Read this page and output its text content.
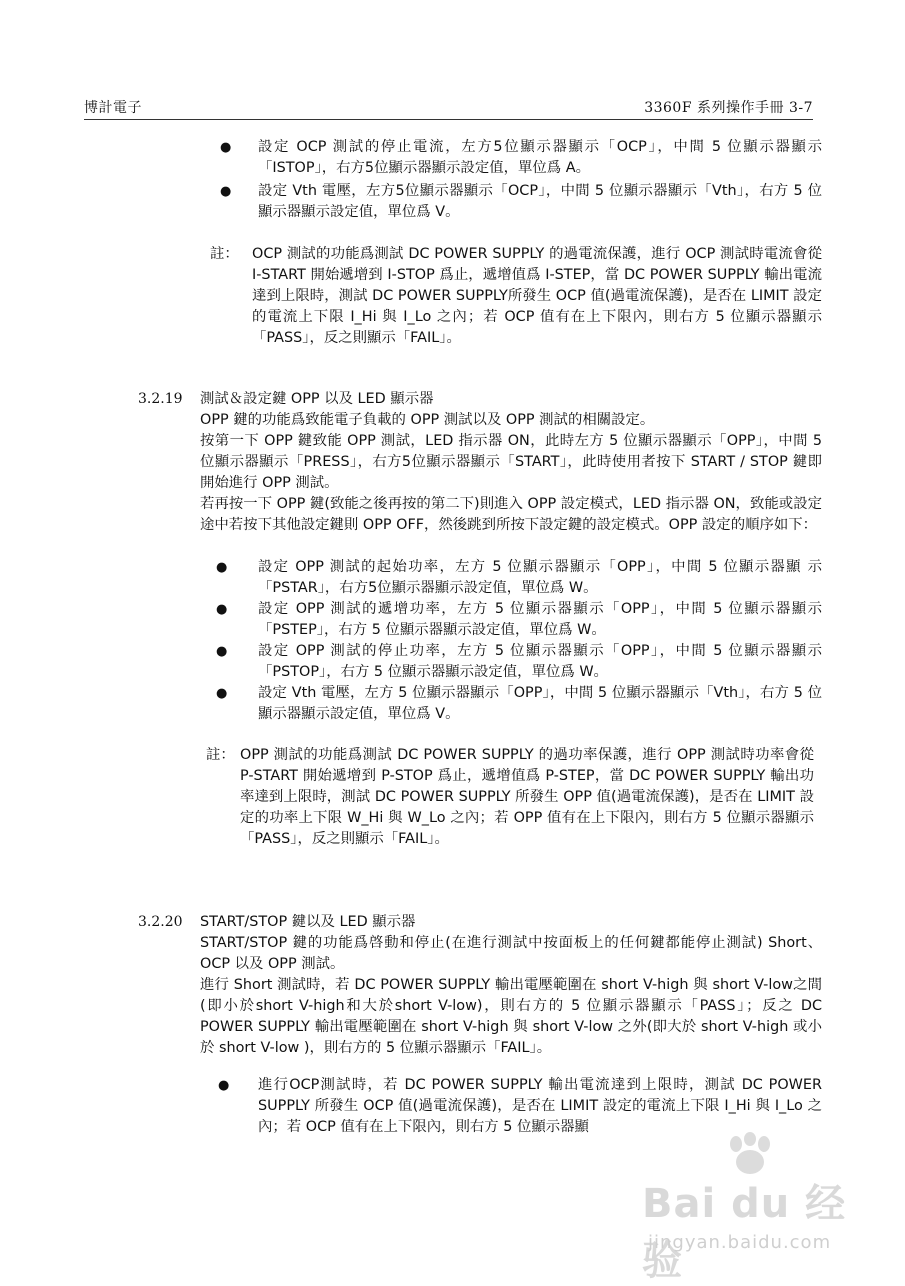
博計電子	3360F 系列操作手冊 3-7
● 設定 OCP 測試的停止電流，左方5位顯示器顯示「OCP」，中間 5 位顯示器顯示「ISTOP」，右方5位顯示器顯示設定值，單位爲 A。
● 設定 Vth 電壓，左方5位顯示器顯示「OCP」，中間 5 位顯示器顯示「Vth」，右方 5 位顯示器顯示設定值，單位爲 V。
註： OCP 測試的功能爲測試 DC POWER SUPPLY 的過電流保護，進行 OCP 測試時電流會從 I-START 開始遞增到 I-STOP 爲止，遞增值爲 I-STEP，當 DC POWER SUPPLY 輸出電流達到上限時，測試 DC POWER SUPPLY所發生 OCP 值(過電流保護)，是否在 LIMIT 設定的電流上下限 I_Hi 與 I_Lo 之內；若 OCP 值有在上下限內，則右方 5 位顯示器顯示「PASS」，反之則顯示「FAIL」。
3.2.19 測試＆設定鍵 OPP 以及 LED 顯示器
OPP 鍵的功能爲致能電子負載的 OPP 測試以及 OPP 測試的相關設定。
按第一下 OPP 鍵致能 OPP 測試，LED 指示器 ON，此時左方 5 位顯示器顯示「OPP」，中間 5 位顯示器顯示「PRESS」，右方5位顯示器顯示「START」，此時使用者按下 START / STOP 鍵即開始進行 OPP 測試。
若再按一下 OPP 鍵(致能之後再按的第二下)則進入 OPP 設定模式，LED 指示器 ON，致能或設定途中若按下其他設定鍵則 OPP OFF，然後跳到所按下設定鍵的設定模式。OPP 設定的順序如下：
● 設定 OPP 測試的起始功率，左方 5 位顯示器顯示「OPP」，中間 5 位顯示器顯 示「PSTAR」，右方5位顯示器顯示設定值，單位爲 W。
● 設定 OPP 測試的遞增功率，左方 5 位顯示器顯示「OPP」，中間 5 位顯示器顯示「PSTEP」，右方 5 位顯示器顯示設定值，單位爲 W。
● 設定 OPP 測試的停止功率，左方 5 位顯示器顯示「OPP」，中間 5 位顯示器顯示「PSTOP」，右方 5 位顯示器顯示設定值，單位爲 W。
● 設定 Vth 電壓，左方 5 位顯示器顯示「OPP」，中間 5 位顯示器顯示「Vth」，右方 5 位顯示器顯示設定值，單位爲 V。
註： OPP 測試的功能爲測試 DC POWER SUPPLY 的過功率保護，進行 OPP 測試時功率會從 P-START 開始遞增到 P-STOP 爲止，遞增值爲 P-STEP，當 DC POWER SUPPLY 輸出功率達到上限時，測試 DC POWER SUPPLY 所發生 OPP 值(過電流保護)，是否在 LIMIT 設定的功率上下限 W_Hi 與 W_Lo 之內；若 OPP 值有在上下限內，則右方 5 位顯示器顯示「PASS」，反之則顯示「FAIL」。
3.2.20 START/STOP 鍵以及 LED 顯示器
START/STOP 鍵的功能爲啓動和停止(在進行測試中按面板上的任何鍵都能停止測試) Short、OCP 以及 OPP 測試。
進行 Short 測試時，若 DC POWER SUPPLY 輸出電壓範圍在 short V-high 與 short V-low之間(即小於short V-high和大於short V-low)，則右方的 5 位顯示器顯示「PASS」；反之 DC POWER SUPPLY 輸出電壓範圍在 short V-high 與 short V-low 之外(即大於 short V-high 或小於 short V-low )，則右方的 5 位顯示器顯示「FAIL」。
● 進行OCP測試時，若 DC POWER SUPPLY 輸出電流達到上限時，測試 DC POWER SUPPLY 所發生 OCP 值(過電流保護)，是否在 LIMIT 設定的電流上下限 I_Hi 與 I_Lo 之內；若 OCP 值有在上下限內，則右方 5 位顯示器顯
Bai du 经验
jingyan.baidu.com
